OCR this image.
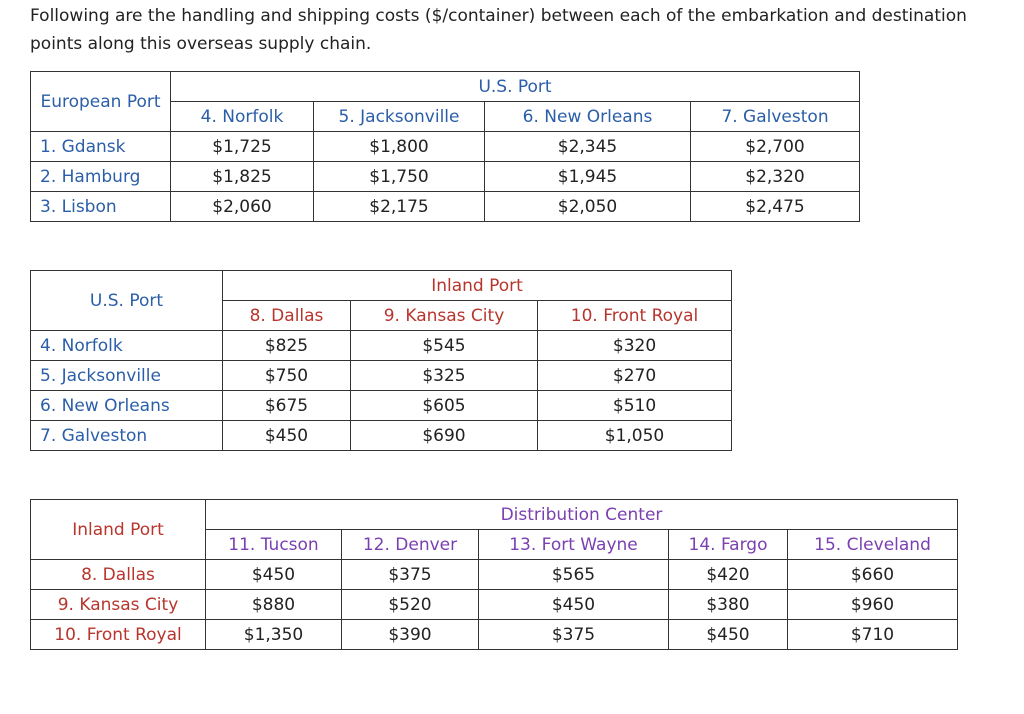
Following are the handling and shipping costs ($/container) between each of the embarkation and destination points along this overseas supply chain.
European Port	U.S. Port			
	4. Norfolk	5. Jacksonville	6. New Orleans	7. Galveston
1. Gdansk	$1,725	$1,800	$2,345	$2,700
2. Hamburg	$1,825	$1,750	$1,945	$2,320
3. Lisbon	$2,060	$2,175	$2,050	$2,475
U.S. Port	Inland Port		
	8. Dallas	9. Kansas City	10. Front Royal
4. Norfolk	$825	$545	$320
5. Jacksonville	$750	$325	$270
6. New Orleans	$675	$605	$510
7. Galveston	$450	$690	$1,050
Inland Port	Distribution Center				
	11. Tucson	12. Denver	13. Fort Wayne	14. Fargo	15. Cleveland
8. Dallas	$450	$375	$565	$420	$660
9. Kansas City	$880	$520	$450	$380	$960
10. Front Royal	$1,350	$390	$375	$450	$710
